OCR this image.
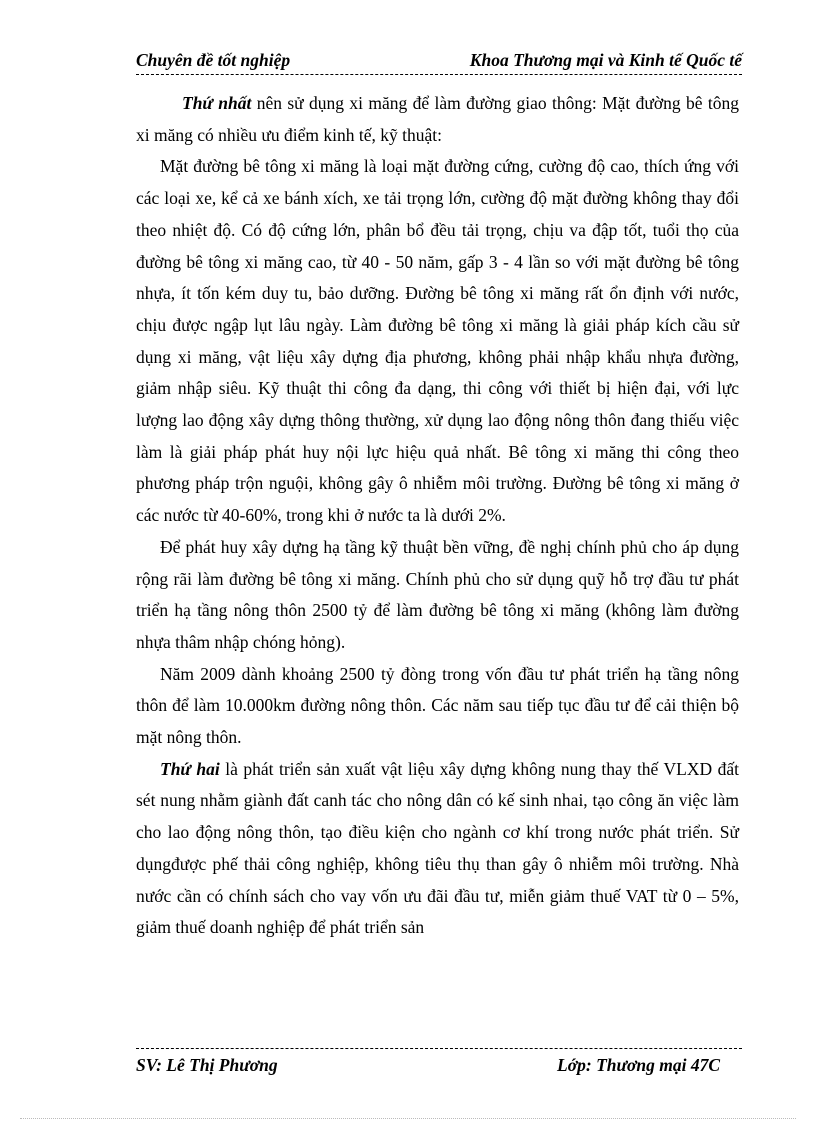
Chuyên đề tốt nghiệp	Khoa Thương mại và Kinh tế Quốc tế

Thứ nhất nên sử dụng xi măng để làm đường giao thông: Mặt đường bê tông xi măng có nhiều ưu điểm kinh tế, kỹ thuật:

Mặt đường bê tông xi măng là loại mặt đường cứng, cường độ cao, thích ứng với các loại xe, kể cả xe bánh xích, xe tải trọng lớn, cường độ mặt đường không thay đổi theo nhiệt độ. Có độ cứng lớn, phân bổ đều tải trọng, chịu va đập tốt, tuổi thọ của đường bê tông xi măng cao, từ 40 - 50 năm, gấp 3 - 4 lần so với mặt đường bê tông nhựa, ít tốn kém duy tu, bảo dưỡng. Đường bê tông xi măng rất ổn định với nước, chịu được ngập lụt lâu ngày. Làm đường bê tông xi măng là giải pháp kích cầu sử dụng xi măng, vật liệu xây dựng địa phương, không phải nhập khẩu nhựa đường, giảm nhập siêu. Kỹ thuật thi công đa dạng, thi công với thiết bị hiện đại, với lực lượng lao động xây dựng thông thường, xử dụng lao động nông thôn đang thiếu việc làm là giải pháp phát huy nội lực hiệu quả nhất. Bê tông xi măng thi công theo phương pháp trộn nguội, không gây ô nhiễm môi trường. Đường bê tông xi măng ở các nước từ 40-60%, trong khi ở nước ta là dưới 2%.

Để phát huy xây dựng hạ tầng kỹ thuật bền vững, đề nghị chính phủ cho áp dụng rộng rãi làm đường bê tông xi măng. Chính phủ cho sử dụng quỹ hỗ trợ đầu tư phát triển hạ tầng nông thôn 2500 tỷ để làm đường bê tông xi măng (không làm đường nhựa thâm nhập chóng hỏng).

Năm 2009 dành khoảng 2500 tỷ đòng trong vốn đầu tư phát triển hạ tầng nông thôn để làm 10.000km đường nông thôn. Các năm sau tiếp tục đầu tư để cải thiện bộ mặt nông thôn.

Thứ hai là phát triển sản xuất vật liệu xây dựng không nung thay thế VLXD đất sét nung nhằm giành đất canh tác cho nông dân có kế sinh nhai, tạo công ăn việc làm cho lao động nông thôn, tạo điều kiện cho ngành cơ khí trong nước phát triển. Sử dụngđược phế thải công nghiệp, không tiêu thụ than gây ô nhiễm môi trường. Nhà nước cần có chính sách cho vay vốn ưu đãi đầu tư, miễn giảm thuế VAT từ 0 – 5%, giảm thuế doanh nghiệp để phát triển sản

SV: Lê Thị Phương	Lớp: Thương mại 47C
